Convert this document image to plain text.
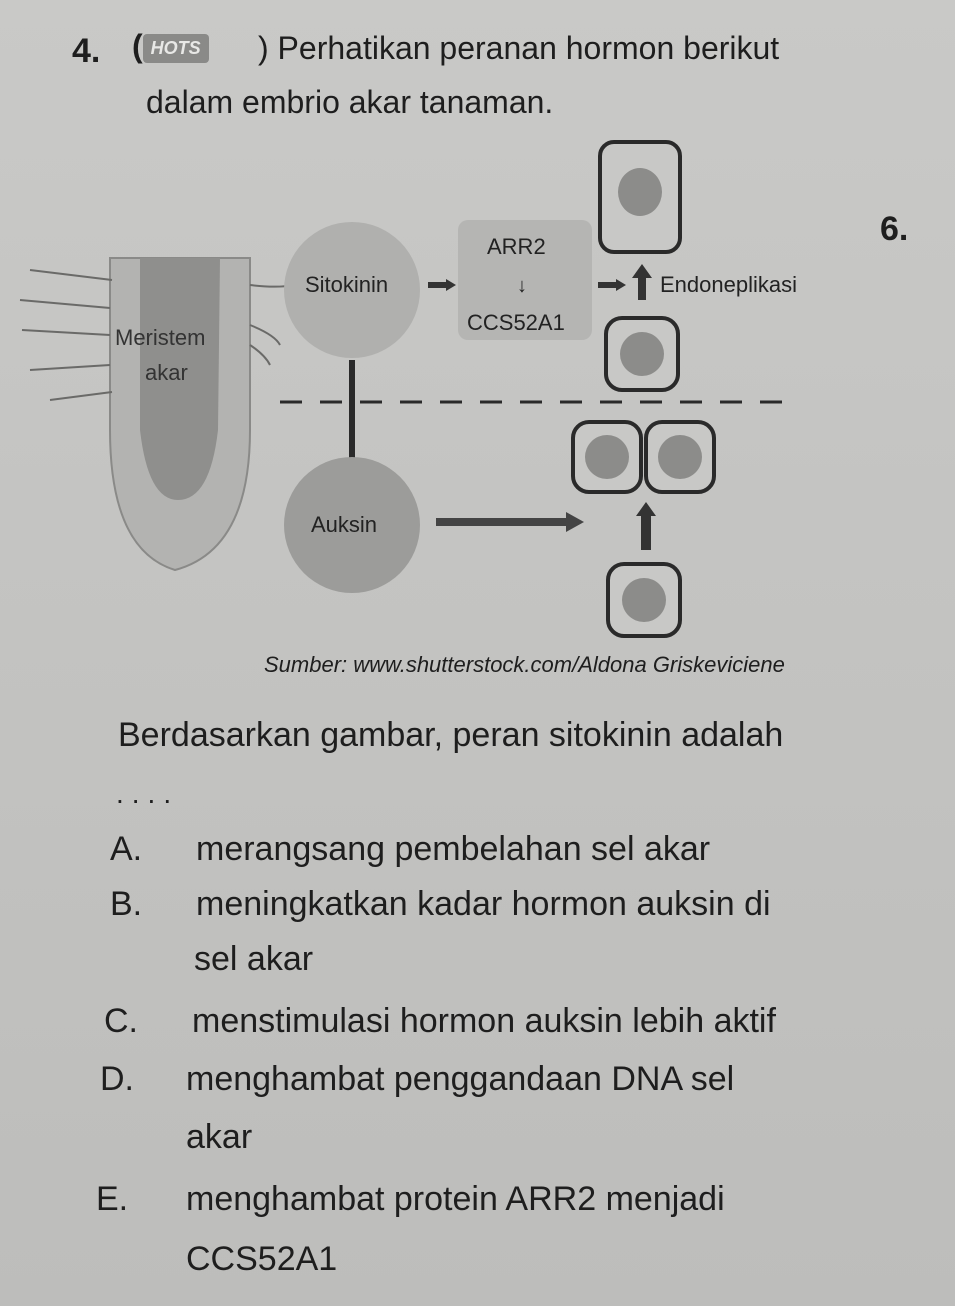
4. ( HOTS ) Perhatikan peranan hormon berikut
dalam embrio akar tanaman.
6.
Meristem
akar
Sitokinin
ARR2
↓
CCS52A1
Endoneplikasi
Auksin
Sumber: www.shutterstock.com/Aldona Griskeviciene
Berdasarkan gambar, peran sitokinin adalah
....
A. merangsang pembelahan sel akar
B. meningkatkan kadar hormon auksin di
sel akar
C. menstimulasi hormon auksin lebih aktif
D. menghambat penggandaan DNA sel
akar
E. menghambat protein ARR2 menjadi
CCS52A1
